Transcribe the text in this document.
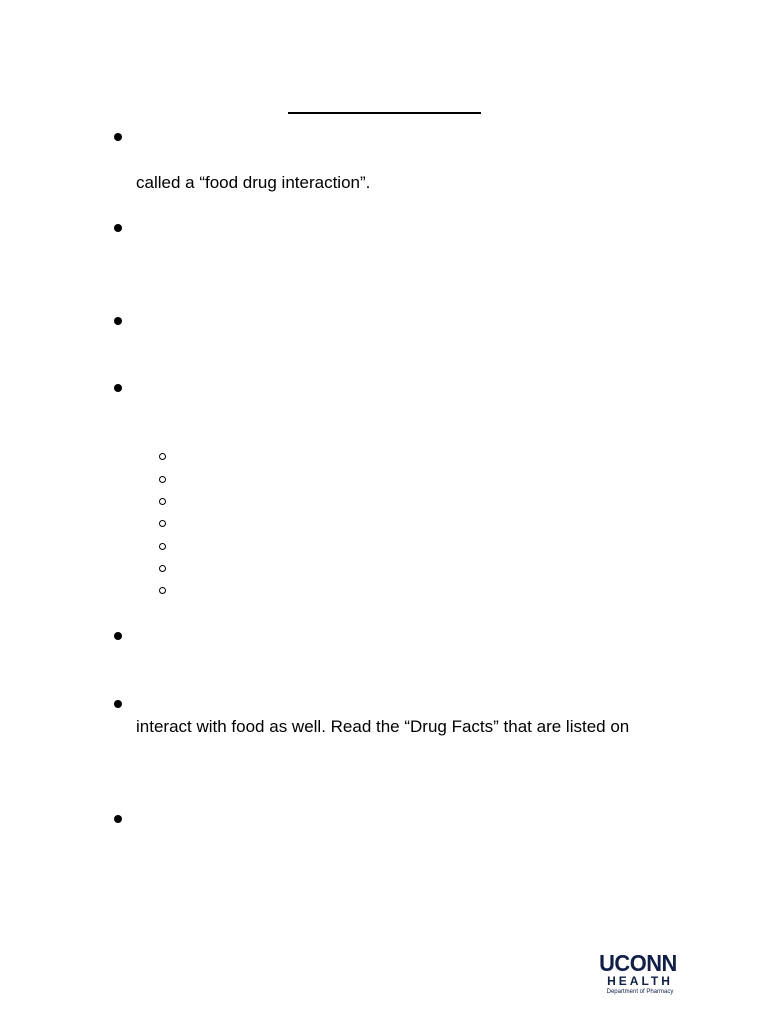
called a “food drug interaction”.
interact with food as well. Read the “Drug Facts” that are listed on
UCONN
HEALTH
Department of Pharmacy
